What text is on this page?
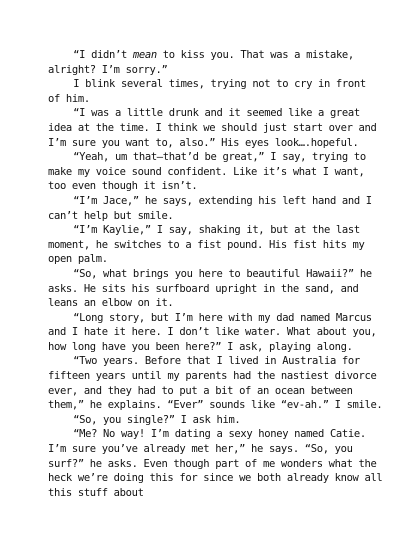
“I didn’t mean to kiss you. That was a mistake, alright? I’m sorry.”

I blink several times, trying not to cry in front of him.

“I was a little drunk and it seemed like a great idea at the time. I think we should just start over and I’m sure you want to, also.” His eyes look….hopeful.

“Yeah, um that—that’d be great,” I say, trying to make my voice sound confident. Like it’s what I want, too even though it isn’t.

“I’m Jace,” he says, extending his left hand and I can’t help but smile.

“I’m Kaylie,” I say, shaking it, but at the last moment, he switches to a fist pound. His fist hits my open palm.

“So, what brings you here to beautiful Hawaii?” he asks. He sits his surfboard upright in the sand, and leans an elbow on it.

“Long story, but I’m here with my dad named Marcus and I hate it here. I don’t like water. What about you, how long have you been here?” I ask, playing along.

“Two years. Before that I lived in Australia for fifteen years until my parents had the nastiest divorce ever, and they had to put a bit of an ocean between them,” he explains. “Ever” sounds like “ev-ah.” I smile.

“So, you single?” I ask him.

“Me? No way! I’m dating a sexy honey named Catie. I’m sure you’ve already met her,” he says. “So, you surf?” he asks. Even though part of me wonders what the heck we’re doing this for since we both already know all this stuff about
